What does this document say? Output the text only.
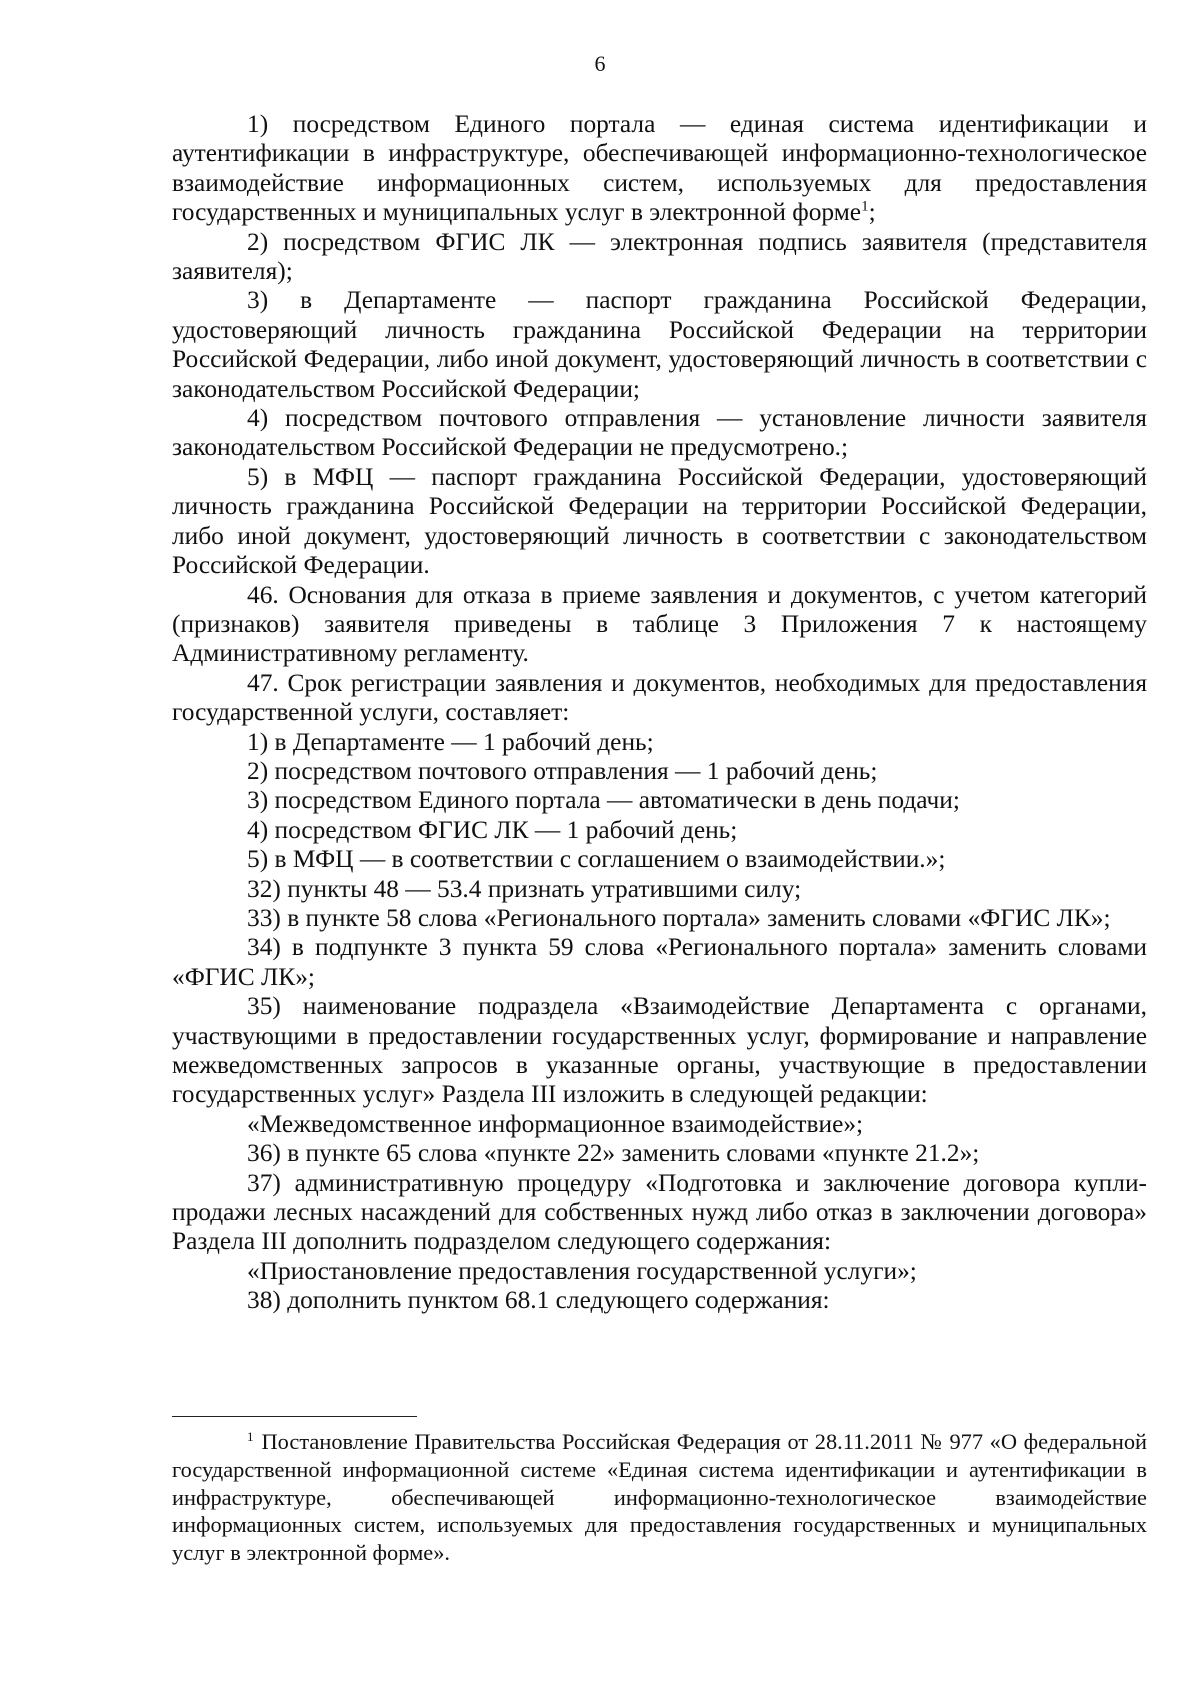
6

1) посредством Единого портала — единая система идентификации и аутентификации в инфраструктуре, обеспечивающей информационно-технологическое взаимодействие информационных систем, используемых для предоставления государственных и муниципальных услуг в электронной форме$^1$;

2) посредством ФГИС ЛК — электронная подпись заявителя (представителя заявителя);

3) в Департаменте — паспорт гражданина Российской Федерации, удостоверяющий личность гражданина Российской Федерации на территории Российской Федерации, либо иной документ, удостоверяющий личность в соответствии с законодательством Российской Федерации;

4) посредством почтового отправления — установление личности заявителя законодательством Российской Федерации не предусмотрено.;

5) в МФЦ — паспорт гражданина Российской Федерации, удостоверяющий личность гражданина Российской Федерации на территории Российской Федерации, либо иной документ, удостоверяющий личность в соответствии с законодательством Российской Федерации.

46. Основания для отказа в приеме заявления и документов, с учетом категорий (признаков) заявителя приведены в таблице 3 Приложения 7 к настоящему Административному регламенту.

47. Срок регистрации заявления и документов, необходимых для предоставления государственной услуги, составляет:

1) в Департаменте — 1 рабочий день;

2) посредством почтового отправления — 1 рабочий день;

3) посредством Единого портала — автоматически в день подачи;

4) посредством ФГИС ЛК — 1 рабочий день;

5) в МФЦ — в соответствии с соглашением о взаимодействии.»;

32) пункты 48 — 53.4 признать утратившими силу;

33) в пункте 58 слова «Регионального портала» заменить словами «ФГИС ЛК»;

34) в подпункте 3 пункта 59 слова «Регионального портала» заменить словами «ФГИС ЛК»;

35) наименование подраздела «Взаимодействие Департамента с органами, участвующими в предоставлении государственных услуг, формирование и направление межведомственных запросов в указанные органы, участвующие в предоставлении государственных услуг» Раздела III изложить в следующей редакции:

«Межведомственное информационное взаимодействие»;

36) в пункте 65 слова «пункте 22» заменить словами «пункте 21.2»;

37) административную процедуру «Подготовка и заключение договора купли-продажи лесных насаждений для собственных нужд либо отказ в заключении договора» Раздела III дополнить подразделом следующего содержания:

«Приостановление предоставления государственной услуги»;

38) дополнить пунктом 68.1 следующего содержания:

$^1$ Постановление Правительства Российская Федерация от 28.11.2011 № 977 «О федеральной государственной информационной системе «Единая система идентификации и аутентификации в инфраструктуре, обеспечивающей информационно-технологическое взаимодействие информационных систем, используемых для предоставления государственных и муниципальных услуг в электронной форме».
